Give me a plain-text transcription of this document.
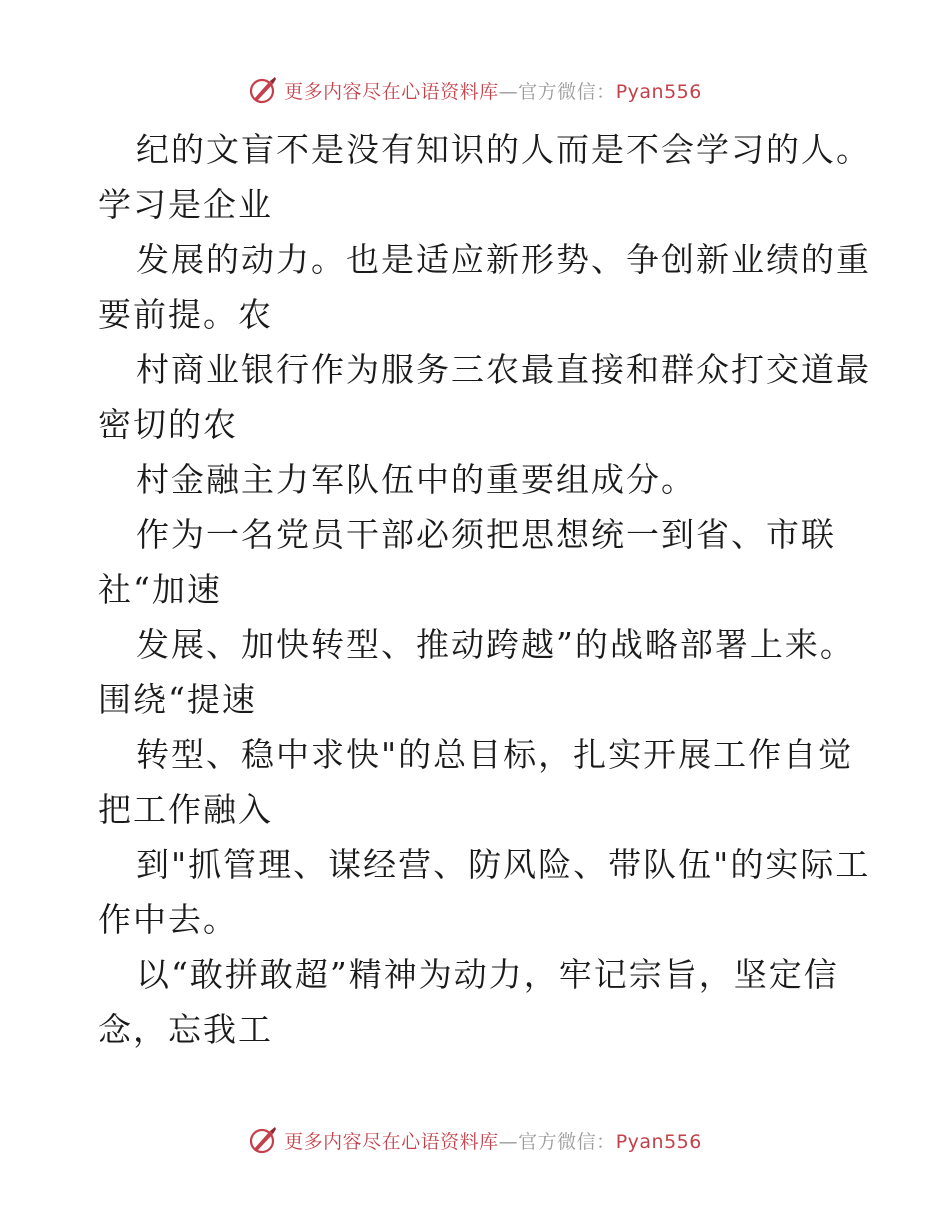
更多内容尽在心语资料库—官方微信：Pyan556
纪的文盲不是没有知识的人而是不会学习的人。
学习是企业
发展的动力。也是适应新形势、争创新业绩的重
要前提。农
村商业银行作为服务三农最直接和群众打交道最
密切的农
村金融主力军队伍中的重要组成分。
作为一名党员干部必须把思想统一到省、市联
社“加速
发展、加快转型、推动跨越”的战略部署上来。
围绕“提速
转型、稳中求快"的总目标，扎实开展工作自觉
把工作融入
到"抓管理、谋经营、防风险、带队伍"的实际工
作中去。
以“敢拼敢超”精神为动力，牢记宗旨，坚定信
念，忘我工
更多内容尽在心语资料库—官方微信：Pyan556
